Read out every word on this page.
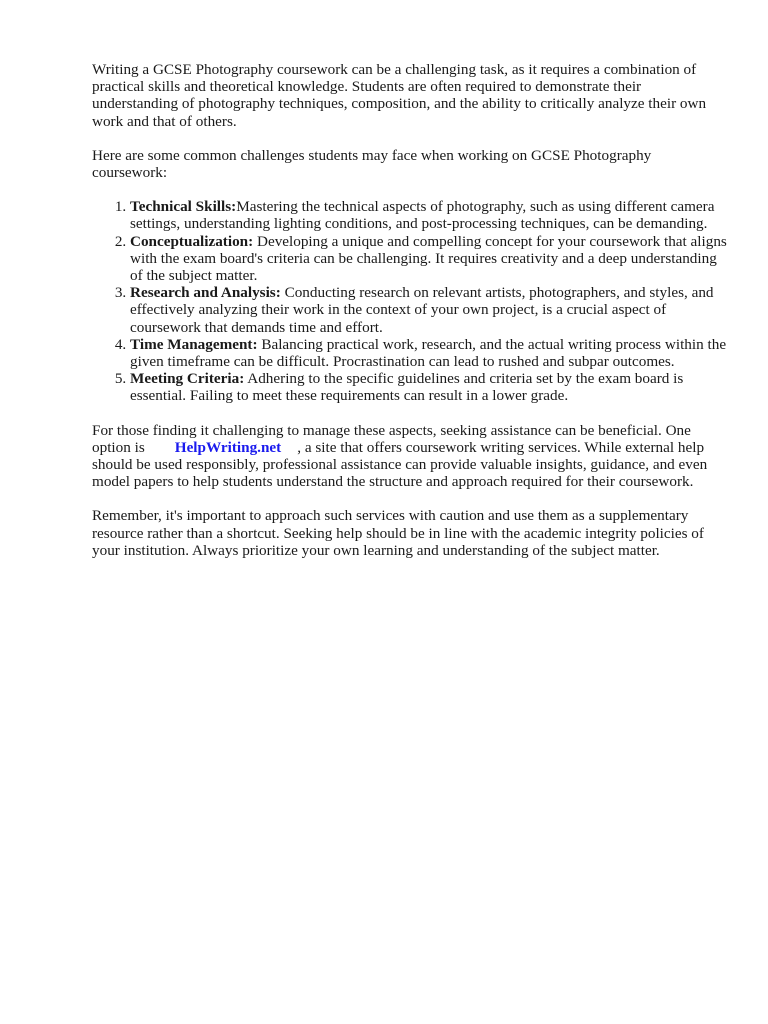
Writing a GCSE Photography coursework can be a challenging task, as it requires a combination of practical skills and theoretical knowledge. Students are often required to demonstrate their understanding of photography techniques, composition, and the ability to critically analyze their own work and that of others.

Here are some common challenges students may face when working on GCSE Photography coursework:

1. Technical Skills:Mastering the technical aspects of photography, such as using different camera settings, understanding lighting conditions, and post-processing techniques, can be demanding.
2. Conceptualization: Developing a unique and compelling concept for your coursework that aligns with the exam board's criteria can be challenging. It requires creativity and a deep understanding of the subject matter.
3. Research and Analysis: Conducting research on relevant artists, photographers, and styles, and effectively analyzing their work in the context of your own project, is a crucial aspect of coursework that demands time and effort.
4. Time Management: Balancing practical work, research, and the actual writing process within the given timeframe can be difficult. Procrastination can lead to rushed and subpar outcomes.
5. Meeting Criteria: Adhering to the specific guidelines and criteria set by the exam board is essential. Failing to meet these requirements can result in a lower grade.

For those finding it challenging to manage these aspects, seeking assistance can be beneficial. One option is HelpWriting.net , a site that offers coursework writing services. While external help should be used responsibly, professional assistance can provide valuable insights, guidance, and even model papers to help students understand the structure and approach required for their coursework.

Remember, it's important to approach such services with caution and use them as a supplementary resource rather than a shortcut. Seeking help should be in line with the academic integrity policies of your institution. Always prioritize your own learning and understanding of the subject matter.
